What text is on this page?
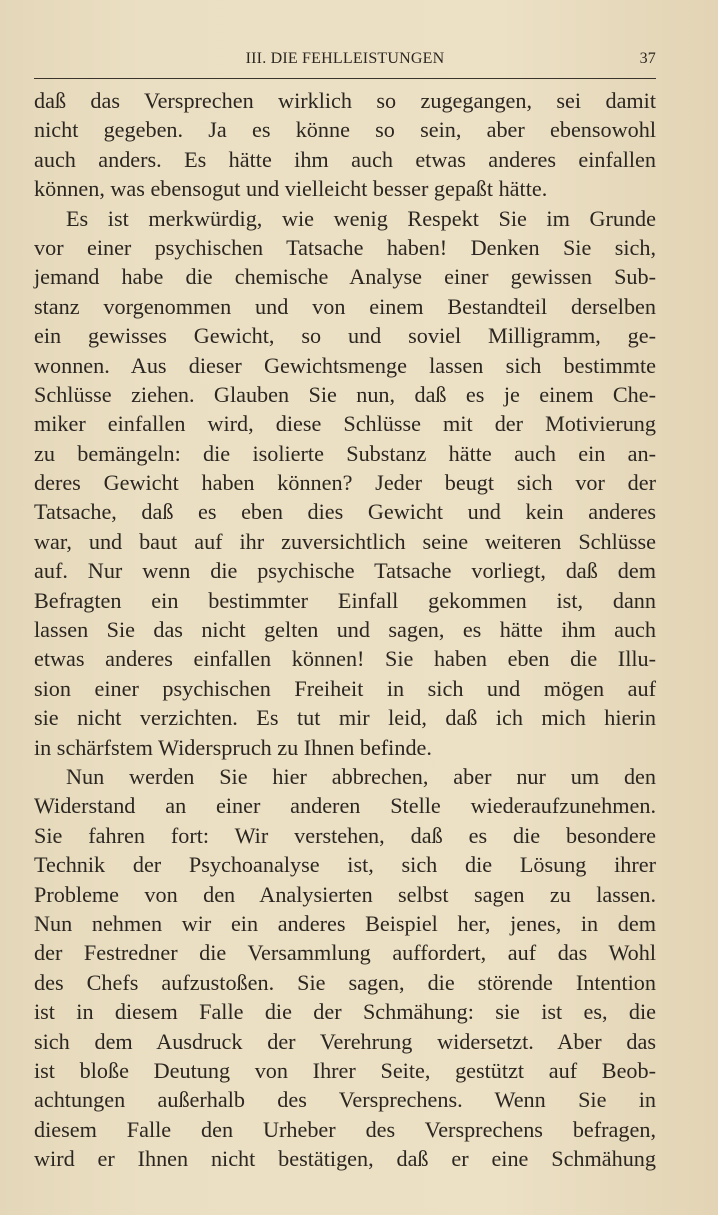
III. DIE FEHLLEISTUNGEN	37
daß das Versprechen wirklich so zugegangen, sei damit
nicht gegeben. Ja es könne so sein, aber ebensowohl
auch anders. Es hätte ihm auch etwas anderes einfallen
können, was ebensogut und vielleicht besser gepaßt hätte.
Es ist merkwürdig, wie wenig Respekt Sie im Grunde
vor einer psychischen Tatsache haben! Denken Sie sich,
jemand habe die chemische Analyse einer gewissen Sub-
stanz vorgenommen und von einem Bestandteil derselben
ein gewisses Gewicht, so und soviel Milligramm, ge-
wonnen. Aus dieser Gewichtsmenge lassen sich bestimmte
Schlüsse ziehen. Glauben Sie nun, daß es je einem Che-
miker einfallen wird, diese Schlüsse mit der Motivierung
zu bemängeln: die isolierte Substanz hätte auch ein an-
deres Gewicht haben können? Jeder beugt sich vor der
Tatsache, daß es eben dies Gewicht und kein anderes
war, und baut auf ihr zuversichtlich seine weiteren Schlüsse
auf. Nur wenn die psychische Tatsache vorliegt, daß dem
Befragten ein bestimmter Einfall gekommen ist, dann
lassen Sie das nicht gelten und sagen, es hätte ihm auch
etwas anderes einfallen können! Sie haben eben die Illu-
sion einer psychischen Freiheit in sich und mögen auf
sie nicht verzichten. Es tut mir leid, daß ich mich hierin
in schärfstem Widerspruch zu Ihnen befinde.
Nun werden Sie hier abbrechen, aber nur um den
Widerstand an einer anderen Stelle wiederaufzunehmen.
Sie fahren fort: Wir verstehen, daß es die besondere
Technik der Psychoanalyse ist, sich die Lösung ihrer
Probleme von den Analysierten selbst sagen zu lassen.
Nun nehmen wir ein anderes Beispiel her, jenes, in dem
der Festredner die Versammlung auffordert, auf das Wohl
des Chefs aufzustoßen. Sie sagen, die störende Intention
ist in diesem Falle die der Schmähung: sie ist es, die
sich dem Ausdruck der Verehrung widersetzt. Aber das
ist bloße Deutung von Ihrer Seite, gestützt auf Beob-
achtungen außerhalb des Versprechens. Wenn Sie in
diesem Falle den Urheber des Versprechens befragen,
wird er Ihnen nicht bestätigen, daß er eine Schmähung
